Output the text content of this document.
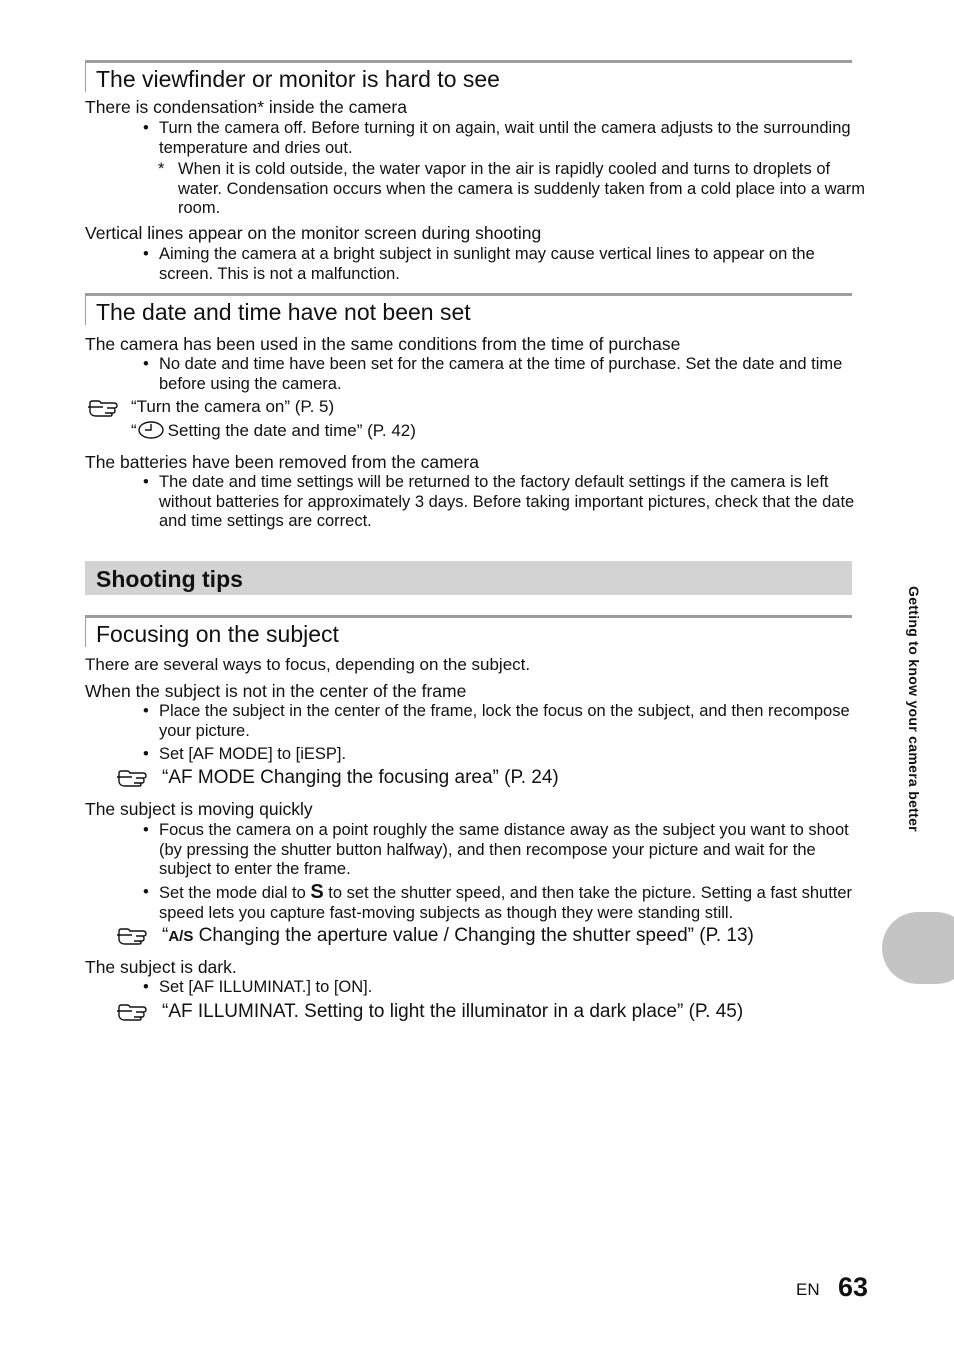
The viewfinder or monitor is hard to see
There is condensation* inside the camera
• Turn the camera off. Before turning it on again, wait until the camera adjusts to the surrounding temperature and dries out.
* When it is cold outside, the water vapor in the air is rapidly cooled and turns to droplets of water. Condensation occurs when the camera is suddenly taken from a cold place into a warm room.
Vertical lines appear on the monitor screen during shooting
• Aiming the camera at a bright subject in sunlight may cause vertical lines to appear on the screen. This is not a malfunction.
The date and time have not been set
The camera has been used in the same conditions from the time of purchase
• No date and time have been set for the camera at the time of purchase. Set the date and time before using the camera.
“Turn the camera on” (P. 5)
“ Setting the date and time” (P. 42)
The batteries have been removed from the camera
• The date and time settings will be returned to the factory default settings if the camera is left without batteries for approximately 3 days. Before taking important pictures, check that the date and time settings are correct.
Shooting tips
Focusing on the subject
There are several ways to focus, depending on the subject.
When the subject is not in the center of the frame
• Place the subject in the center of the frame, lock the focus on the subject, and then recompose your picture.
• Set [AF MODE] to [iESP].
“AF MODE Changing the focusing area” (P. 24)
The subject is moving quickly
• Focus the camera on a point roughly the same distance away as the subject you want to shoot (by pressing the shutter button halfway), and then recompose your picture and wait for the subject to enter the frame.
• Set the mode dial to S to set the shutter speed, and then take the picture. Setting a fast shutter speed lets you capture fast-moving subjects as though they were standing still.
“A/S Changing the aperture value / Changing the shutter speed” (P. 13)
The subject is dark.
• Set [AF ILLUMINAT.] to [ON].
“AF ILLUMINAT. Setting to light the illuminator in a dark place” (P. 45)
Getting to know your camera better
EN 63
